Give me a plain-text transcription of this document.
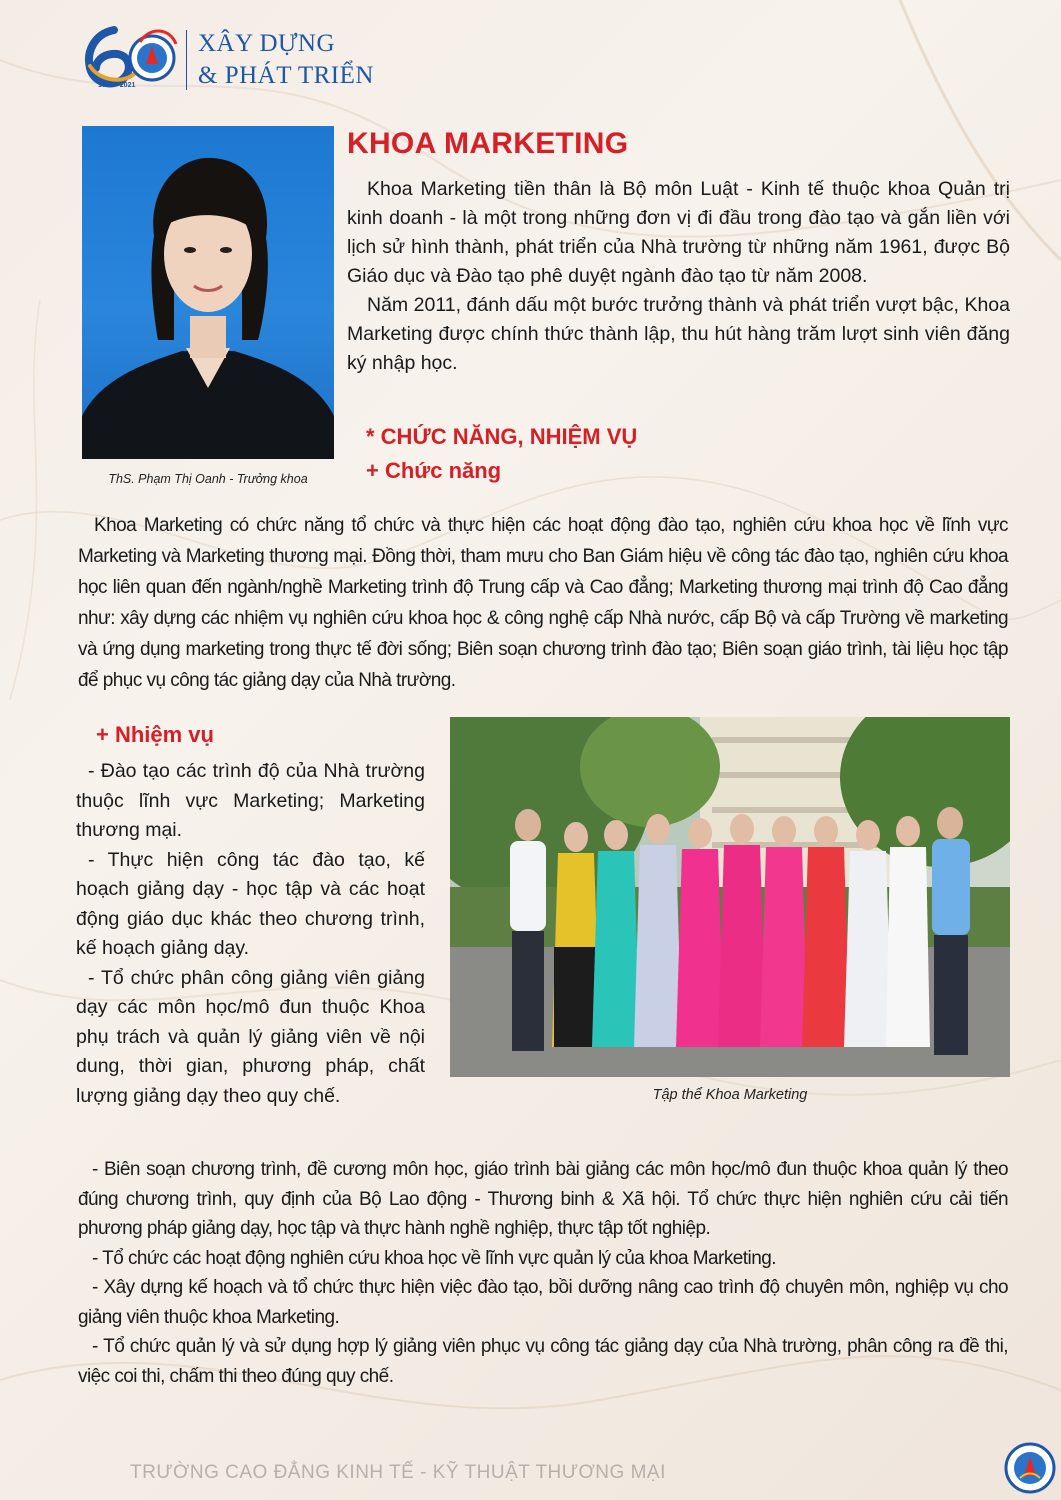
1961 - 2021
XÂY DỰNG
& PHÁT TRIỂN
ThS. Phạm Thị Oanh - Trưởng khoa
KHOA MARKETING

Khoa Marketing tiền thân là Bộ môn Luật - Kinh tế thuộc khoa Quản trị kinh doanh - là một trong những đơn vị đi đầu trong đào tạo và gắn liền với lịch sử hình thành, phát triển của Nhà trường từ những năm 1961, được Bộ Giáo dục và Đào tạo phê duyệt ngành đào tạo từ năm 2008.

Năm 2011, đánh dấu một bước trưởng thành và phát triển vượt bậc, Khoa Marketing được chính thức thành lập, thu hút hàng trăm lượt sinh viên đăng ký nhập học.

* CHỨC NĂNG, NHIỆM VỤ
+ Chức năng

Khoa Marketing có chức năng tổ chức và thực hiện các hoạt động đào tạo, nghiên cứu khoa học về lĩnh vực Marketing và Marketing thương mại. Đồng thời, tham mưu cho Ban Giám hiệu về công tác đào tạo, nghiên cứu khoa học liên quan đến ngành/nghề Marketing trình độ Trung cấp và Cao đẳng; Marketing thương mại trình độ Cao đẳng như: xây dựng các nhiệm vụ nghiên cứu khoa học & công nghệ cấp Nhà nước, cấp Bộ và cấp Trường về marketing và ứng dụng marketing trong thực tế đời sống; Biên soạn chương trình đào tạo; Biên soạn giáo trình, tài liệu học tập để phục vụ công tác giảng dạy của Nhà trường.

+ Nhiệm vụ

- Đào tạo các trình độ của Nhà trường thuộc lĩnh vực Marketing; Marketing thương mại.

- Thực hiện công tác đào tạo, kế hoạch giảng dạy - học tập và các hoạt động giáo dục khác theo chương trình, kế hoạch giảng dạy.

- Tổ chức phân công giảng viên giảng dạy các môn học/mô đun thuộc Khoa phụ trách và quản lý giảng viên về nội dung, thời gian, phương pháp, chất lượng giảng dạy theo quy chế.	Tập thể Khoa Marketing

- Biên soạn chương trình, đề cương môn học, giáo trình bài giảng các môn học/mô đun thuộc khoa quản lý theo đúng chương trình, quy định của Bộ Lao động - Thương binh & Xã hội. Tổ chức thực hiện nghiên cứu cải tiến phương pháp giảng dạy, học tập và thực hành nghề nghiệp, thực tập tốt nghiệp.

- Tổ chức các hoạt động nghiên cứu khoa học về lĩnh vực quản lý của khoa Marketing.

- Xây dựng kế hoạch và tổ chức thực hiện việc đào tạo, bồi dưỡng nâng cao trình độ chuyên môn, nghiệp vụ cho giảng viên thuộc khoa Marketing.

- Tổ chức quản lý và sử dụng hợp lý giảng viên phục vụ công tác giảng dạy của Nhà trường, phân công ra đề thi, việc coi thi, chấm thi theo đúng quy chế.

TRƯỜNG CAO ĐẲNG KINH TẾ - KỸ THUẬT THƯƠNG MẠI
